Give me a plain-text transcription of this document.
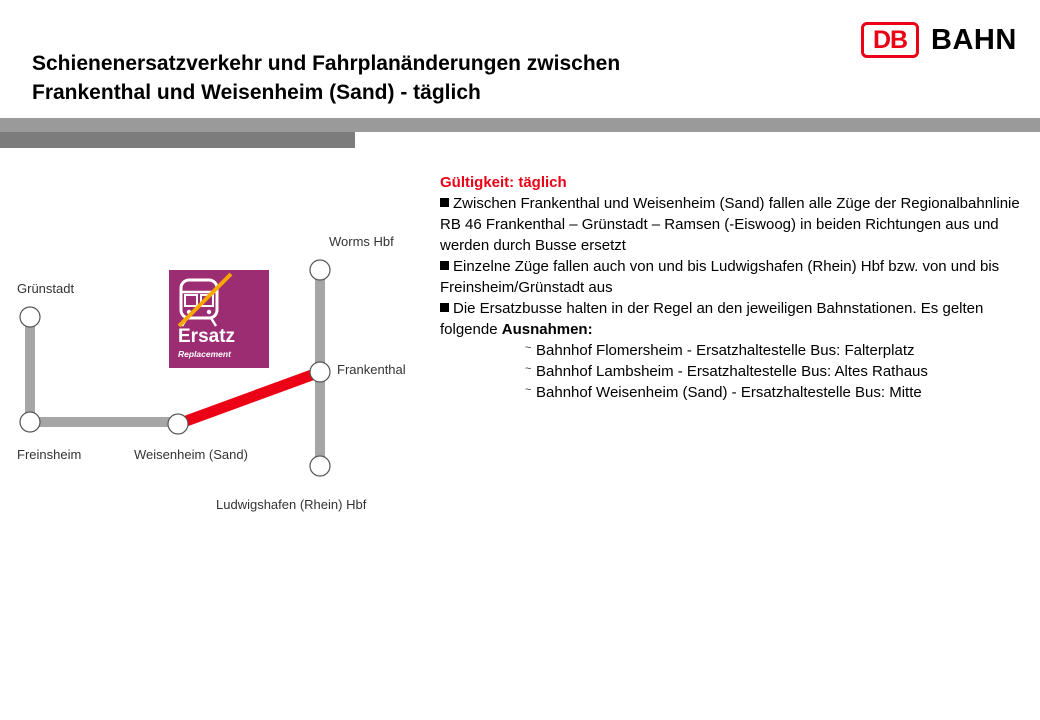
Schienenersatzverkehr und Fahrplanänderungen zwischen
Frankenthal und Weisenheim (Sand) - täglich
DB BAHN
Grünstadt
Freinsheim	Weisenheim (Sand)
Worms Hbf
Frankenthal
Ludwigshafen (Rhein) Hbf
Ersatz
Replacement
Gültigkeit: täglich
Zwischen Frankenthal und Weisenheim (Sand) fallen alle Züge der Regionalbahnlinie RB 46 Frankenthal – Grünstadt – Ramsen (-Eiswoog) in beiden Richtungen aus und werden durch Busse ersetzt
Einzelne Züge fallen auch von und bis Ludwigshafen (Rhein) Hbf bzw. von und bis Freinsheim/Grünstadt aus
Die Ersatzbusse halten in der Regel an den jeweiligen Bahnstationen. Es gelten folgende Ausnahmen:
~ Bahnhof Flomersheim - Ersatzhaltestelle Bus: Falterplatz
~ Bahnhof Lambsheim - Ersatzhaltestelle Bus: Altes Rathaus
~ Bahnhof Weisenheim (Sand) - Ersatzhaltestelle Bus: Mitte
